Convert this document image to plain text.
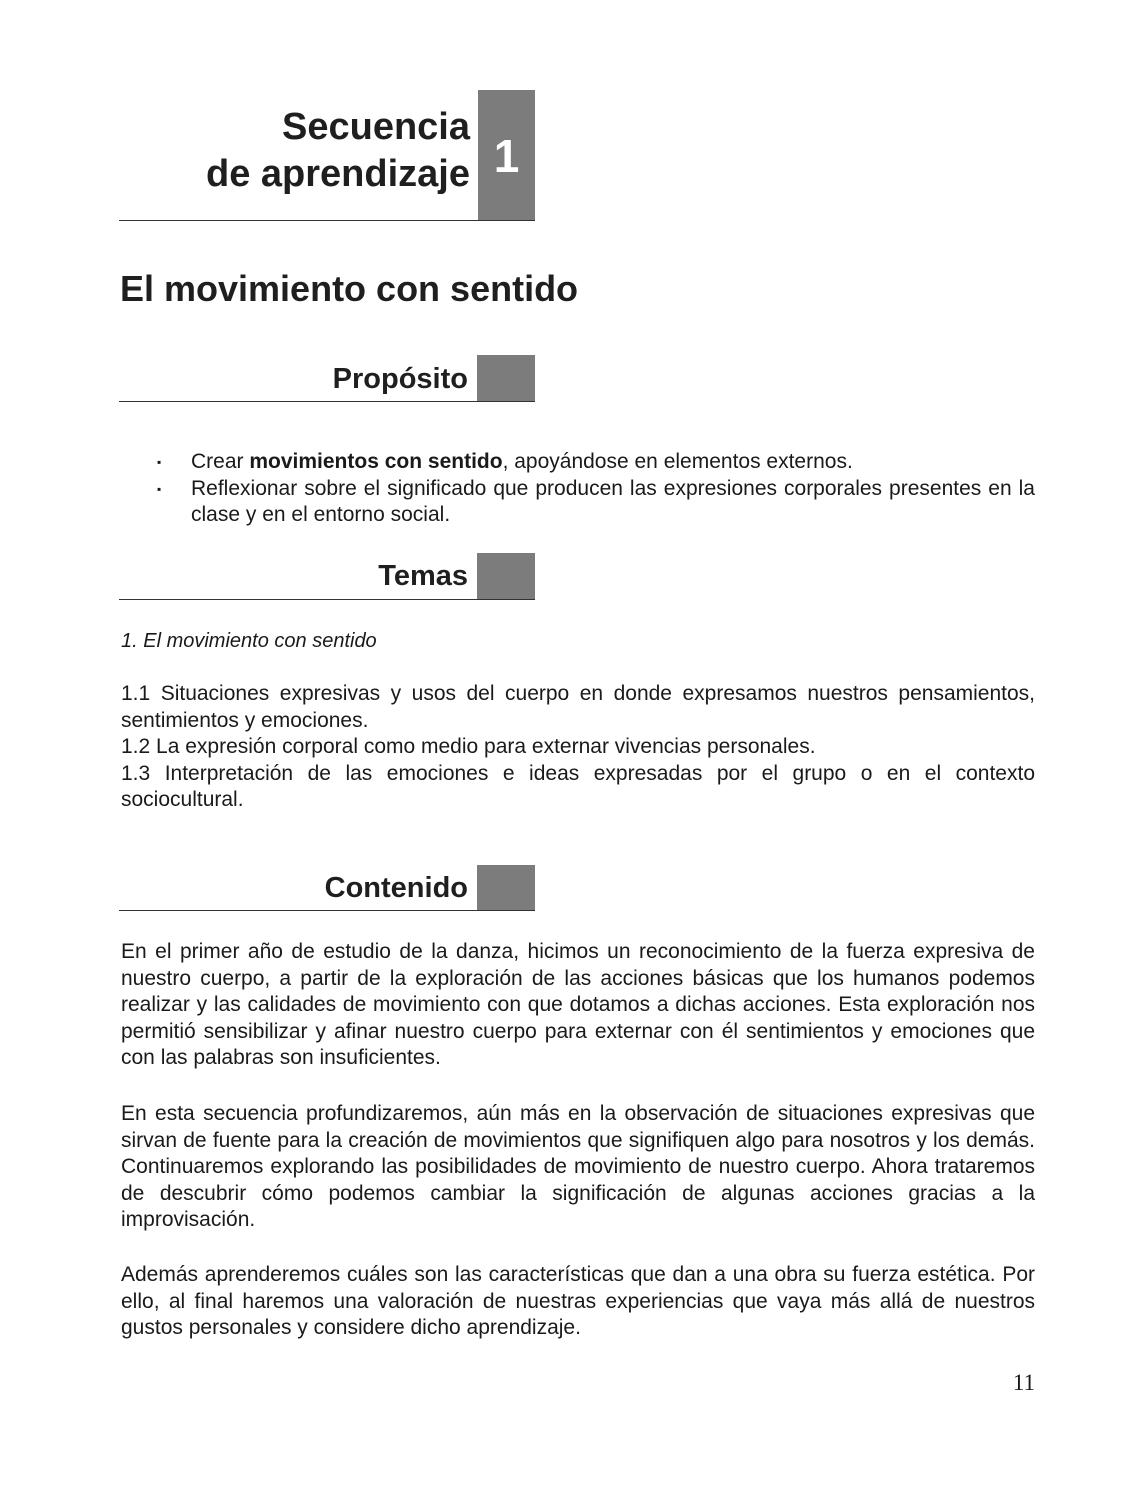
Secuencia
de aprendizaje 1
El movimiento con sentido
Propósito
▪	Crear movimientos con sentido, apoyándose en elementos externos.
▪	Reflexionar sobre el significado que producen las expresiones corporales presentes en la clase y en el entorno social.
Temas
1. El movimiento con sentido
1.1 Situaciones expresivas y usos del cuerpo en donde expresamos nuestros pensamientos, sentimientos y emociones.
1.2 La expresión corporal como medio para externar vivencias personales.
1.3 Interpretación de las emociones e ideas expresadas por el grupo o en el contexto sociocultural.
Contenido
En el primer año de estudio de la danza, hicimos un reconocimiento de la fuerza expresiva de nuestro cuerpo, a partir de la exploración de las acciones básicas que los humanos podemos realizar y las calidades de movimiento con que dotamos a dichas acciones. Esta exploración nos permitió sensibilizar y afinar nuestro cuerpo para externar con él sentimientos y emociones que con las palabras son insuficientes.
En esta secuencia profundizaremos, aún más en la observación de situaciones expresivas que sirvan de fuente para la creación de movimientos que signifiquen algo para nosotros y los demás. Continuaremos explorando las posibilidades de movimiento de nuestro cuerpo. Ahora trataremos de descubrir cómo podemos cambiar la significación de algunas acciones gracias a la improvisación.
Además aprenderemos cuáles son las características que dan a una obra su fuerza estética. Por ello, al final haremos una valoración de nuestras experiencias que vaya más allá de nuestros gustos personales y considere dicho aprendizaje.
11
